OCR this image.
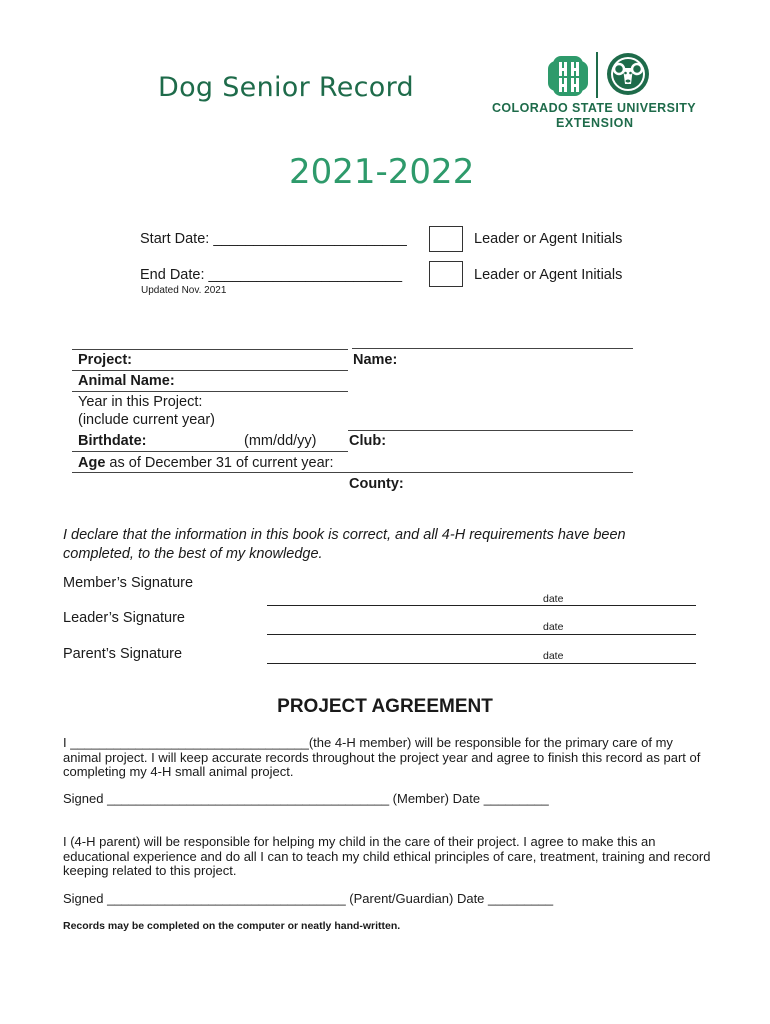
Dog Senior Record
COLORADO STATE UNIVERSITY
EXTENSION
2021-2022
Start Date: ________________________	Leader or Agent Initials
End Date: ________________________	Leader or Agent Initials
Updated Nov. 2021
Project:	Name:
Animal Name:
Year in this Project:
(include current year)
Birthdate:	(mm/dd/yy) Club:
Age as of December 31 of current year:
County:
I declare that the information in this book is correct, and all 4-H requirements have been completed, to the best of my knowledge.
Member’s Signature
date
Leader’s Signature
date
Parent’s Signature	date
PROJECT AGREEMENT
I _________________________________(the 4-H member) will be responsible for the primary care of my animal project. I will keep accurate records throughout the project year and agree to finish this record as part of completing my 4-H small animal project.
Signed _______________________________________ (Member) Date _________
I (4-H parent) will be responsible for helping my child in the care of their project. I agree to make this an educational experience and do all I can to teach my child ethical principles of care, treatment, training and record keeping related to this project.
Signed _________________________________ (Parent/Guardian) Date _________
Records may be completed on the computer or neatly hand-written.
